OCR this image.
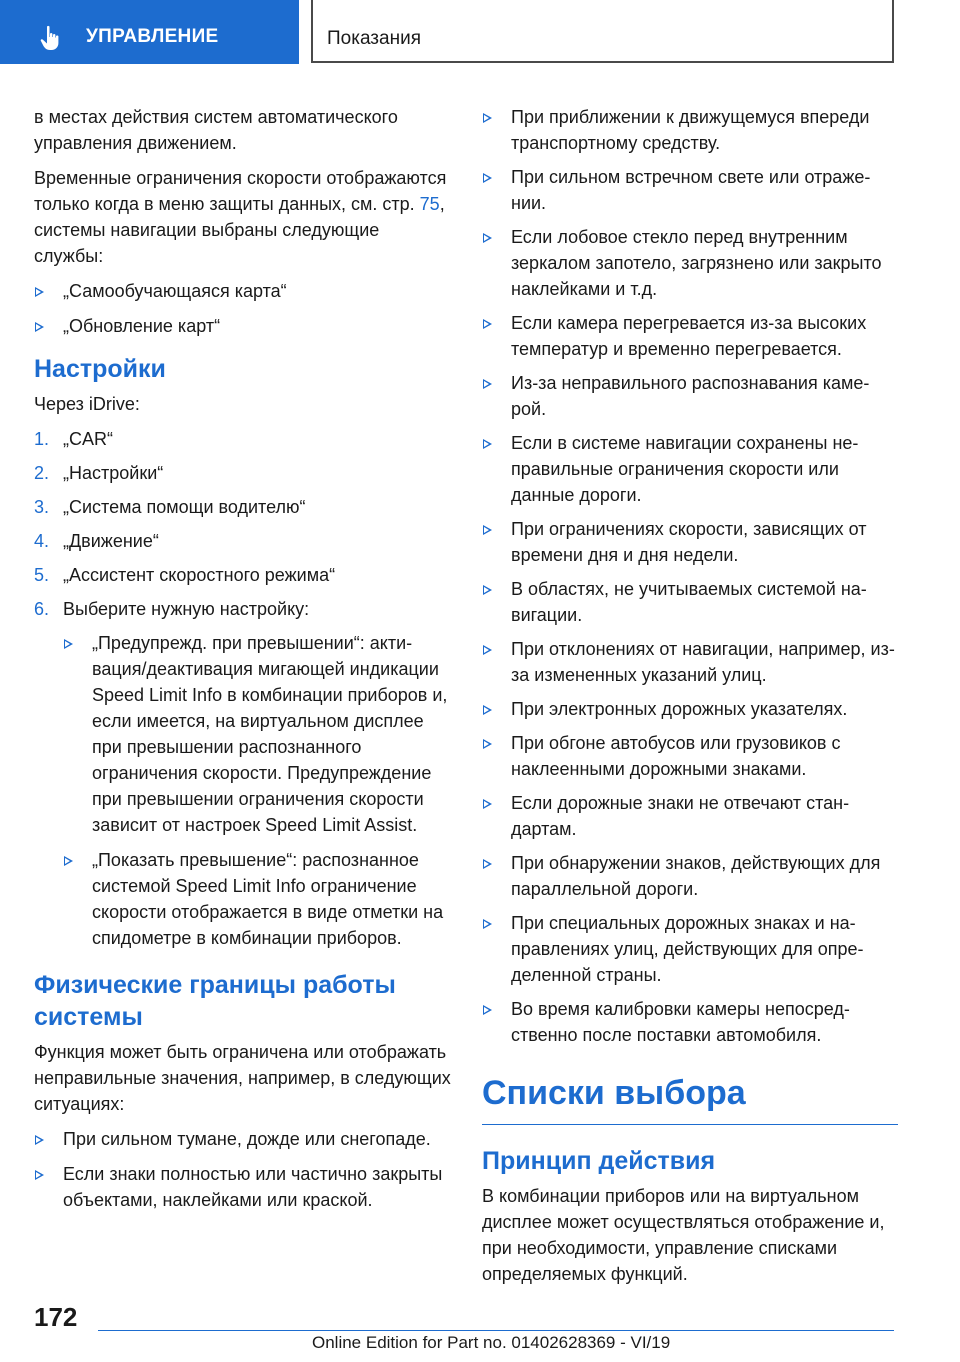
УПРАВЛЕНИЕ	Показания

в местах действия систем автоматического управления движением.

Временные ограничения скорости отображаются только когда в меню защиты данных, см. стр. 75, системы навигации выбраны следующие службы:

„Самообучающаяся карта“
„Обновление карт“
Настройки

Через iDrive:

1. „CAR“
2. „Настройки“
3. „Система помощи водителю“
4. „Движение“
5. „Ассистент скоростного режима“
6. Выберите нужную настройку:
„Предупрежд. при превышении“: активация/деактивация мигающей индикации Speed Limit Info в комбинации приборов и, если имеется, на виртуальном дисплее при превышении распознанного ограничения скорости. Предупреждение при превышении ограничения скорости зависит от настроек Speed Limit Assist.
„Показать превышение“: распознанное системой Speed Limit Info ограничение скорости отображается в виде отметки на спидометре в комбинации приборов.
Физические границы работы системы

Функция может быть ограничена или отображать неправильные значения, например, в следующих ситуациях:

При сильном тумане, дожде или снегопаде.
Если знаки полностью или частично закрыты объектами, наклейками или краской.
При приближении к движущемуся впереди транспортному средству.
При сильном встречном свете или отражении.
Если лобовое стекло перед внутренним зеркалом запотело, загрязнено или закрыто наклейками и т.д.
Если камера перегревается из-за высоких температур и временно перегревается.
Из-за неправильного распознавания камерой.
Если в системе навигации сохранены неправильные ограничения скорости или данные дороги.
При ограничениях скорости, зависящих от времени дня и дня недели.
В областях, не учитываемых системой навигации.
При отклонениях от навигации, например, из-за измененных указаний улиц.
При электронных дорожных указателях.
При обгоне автобусов или грузовиков с наклеенными дорожными знаками.
Если дорожные знаки не отвечают стандартам.
При обнаружении знаков, действующих для параллельной дороги.
При специальных дорожных знаках и направлениях улиц, действующих для определенной страны.
Во время калибровки камеры непосредственно после поставки автомобиля.
Списки выбора
Принцип действия

В комбинации приборов или на виртуальном дисплее может осуществляться отображение и, при необходимости, управление списками определяемых функций.

172
Online Edition for Part no. 01402628369 - VI/19
